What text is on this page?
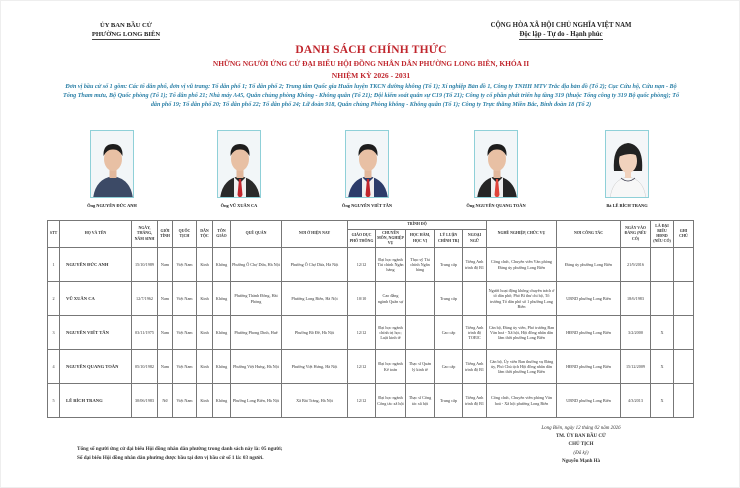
ỦY BAN BẦU CỬ
PHƯỜNG LONG BIÊN
CỘNG HÒA XÃ HỘI CHỦ NGHĨA VIỆT NAM
Độc lập - Tự do - Hạnh phúc
DANH SÁCH CHÍNH THỨC
NHỮNG NGƯỜI ỨNG CỬ ĐẠI BIỂU HỘI ĐỒNG NHÂN DÂN PHƯỜNG LONG BIÊN, KHÓA II
NHIỆM KỲ 2026 - 2031
Đơn vị bầu cử số 1 gồm: Các tổ dân phố, đơn vị vũ trang: Tổ dân phố 1; Tổ dân phố 2; Trung tâm Quốc gia Huấn luyện TKCN đường không (Tổ 1); Xí nghiệp Bản đồ 1, Công ty TNHH MTV Trắc địa bản đồ (Tổ 2); Cục Cứu hộ, Cứu nạn - Bộ Tổng Tham mưu, Bộ Quốc phòng (Tổ 1); Tổ dân phố 21; Nhà máy A45, Quân chủng phòng Không - Không quân (Tổ 21); Đội kiểm soát quân sự C19 (Tổ 21); Công ty cổ phần phát triển hạ tầng 319 (thuộc Tổng công ty 319 Bộ quốc phòng); Tổ dân phố 19; Tổ dân phố 20; Tổ dân phố 22; Tổ dân phố 24; Lữ đoàn 918, Quân chủng Phòng không - Không quân (Tổ 1); Công ty Trực thăng Miền Bắc, Binh đoàn 18 (Tổ 2)
Ông NGUYỄN ĐỨC ANH	Ông VŨ XUÂN CA	Ông NGUYỄN VIẾT TÂN	Ông NGUYỄN QUANG TOÀN	Bà LÊ BÍCH TRANG
STT	HỌ VÀ TÊN	NGÀY, THÁNG, NĂM SINH	GIỚI TÍNH	QUỐC TỊCH	DÂN TỘC	TÔN GIÁO	QUÊ QUÁN	NƠI Ở HIỆN NAY	TRÌNH ĐỘ					NGHỀ NGHIỆP, CHỨC VỤ	NƠI CÔNG TÁC	NGÀY VÀO ĐẢNG (NẾU CÓ)	LÀ ĐẠI BIỂU HĐND (NẾU CÓ)	GHI CHÚ
									GIÁO DỤC PHỔ THÔNG	CHUYÊN MÔN, NGHIỆP VỤ	HỌC HÀM, HỌC VỊ	LÝ LUẬN CHÍNH TRỊ	NGOẠI NGỮ					
1	NGUYỄN ĐỨC ANH	15/10/1989	Nam	Việt Nam	Kinh	Không	Phường Ô Chợ Dừa, Hà Nội	Phường Ô Chợ Dừa, Hà Nội	12/12	Đại học ngành Tài chính Ngân hàng	Thạc sỹ Tài chính Ngân hàng	Trung cấp	Tiếng Anh trình độ B1	Công chức, Chuyên viên Văn phòng Đảng ủy phường Long Biên	Đảng ủy phường Long Biên	21/9/2016		
2	VŨ XUÂN CA	12/7/1962	Nam	Việt Nam	Kinh	Không	Phường Thành Đông, Hải Phòng	Phường Long Biên, Hà Nội	10/10	Cao đẳng ngành Quân sự		Trung cấp		Người hoạt động không chuyên trách ở tổ dân phố; Phó Bí thư chi bộ, Tổ trưởng Tổ dân phố số 1 phường Long Biên	UBND phường Long Biên	18/6/1983		
3	NGUYỄN VIẾT TÂN	03/11/1975	Nam	Việt Nam	Kinh	Không	Phường Phong Dinh, Huế	Phường Bồ Đề, Hà Nội	12/12	Đại học ngành chính trị học; Luật kinh tế		Cao cấp	Tiếng Anh trình độ TOEIC	Cán bộ, Đảng ủy viên, Phó trưởng Ban Văn hoá - Xã hội, Hội đồng nhân dân lâm thời phường Long Biên	HĐND phường Long Biên	3/2/2000	X	
4	NGUYỄN QUANG TOÀN	05/10/1982	Nam	Việt Nam	Kinh	Không	Phường Việt Hưng, Hà Nội	Phường Việt Hưng, Hà Nội	12/12	Đại học ngành Kế toán	Thạc sĩ Quản lý kinh tế	Cao cấp	Tiếng Anh trình độ B1	Cán bộ, Ủy viên Ban thường vụ Đảng ủy, Phó Chủ tịch Hội đồng nhân dân lâm thời phường Long Biên	HĐND phường Long Biên	15/12/2009	X	
5	LÊ BÍCH TRANG	30/06/1983	Nữ	Việt Nam	Kinh	Không	Phường Long Biên, Hà Nội	Xã Bát Tràng, Hà Nội	12/12	Đại học ngành Công tác xã hội	Thạc sĩ Công tác xã hội	Trung cấp	Tiếng Anh trình độ B1	Công chức, Chuyên viên phòng Văn hoá - Xã hội phường Long Biên	UBND phường Long Biên	4/3/2013	X	
Tổng số người ứng cử đại biểu Hội đồng nhân dân phường trong danh sách này là: 05 người;
Số đại biểu Hội đồng nhân dân phường được bầu tại đơn vị bầu cử số 1 là: 03 người.
Long Biên, ngày 12 tháng 02 năm 2026
TM. ỦY BAN BẦU CỬ
CHỦ TỊCH
(Đã ký)
Nguyễn Mạnh Hà
